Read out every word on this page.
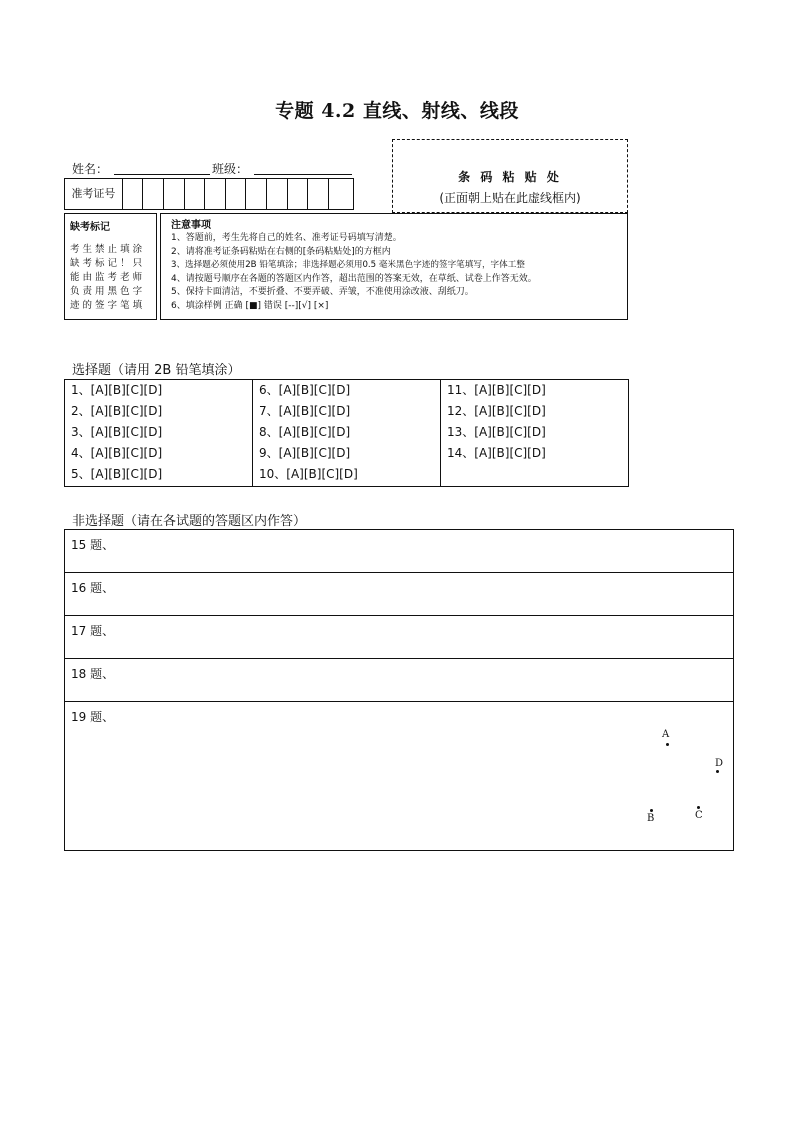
专题 4.2 直线、射线、线段
姓名：	班级：
准考证号
条 码 粘 贴 处
(正面朝上贴在此虚线框内)
缺考标记
考 生 禁 止 填 涂
缺 考 标 记 ！ 只
能 由 监 考 老 师
负 责 用 黑 色 字
迹 的 签 字 笔 填
注意事项
1、答题前，考生先将自己的姓名、准考证号码填写清楚。
2、请将准考证条码粘贴在右侧的[条码粘贴处]的方框内
3、选择题必须使用2B 铅笔填涂；非选择题必须用0.5 毫米黑色字迹的签字笔填写，字体工整
4、请按题号顺序在各题的答题区内作答，超出范围的答案无效，在草纸、试卷上作答无效。
5、保持卡面清洁，不要折叠、不要弄破、弄皱，不准使用涂改液、刮纸刀。
6、填涂样例 正确 [■] 错误 [--][√] [×]
选择题（请用 2B 铅笔填涂）
1、[A][B][C][D]
2、[A][B][C][D]
3、[A][B][C][D]
4、[A][B][C][D]
5、[A][B][C][D]
6、[A][B][C][D]
7、[A][B][C][D]
8、[A][B][C][D]
9、[A][B][C][D]
10、[A][B][C][D]
11、[A][B][C][D]
12、[A][B][C][D]
13、[A][B][C][D]
14、[A][B][C][D]
非选择题（请在各试题的答题区内作答）
15 题、
16 题、
17 题、
18 题、
19 题、
A
D
B	C
